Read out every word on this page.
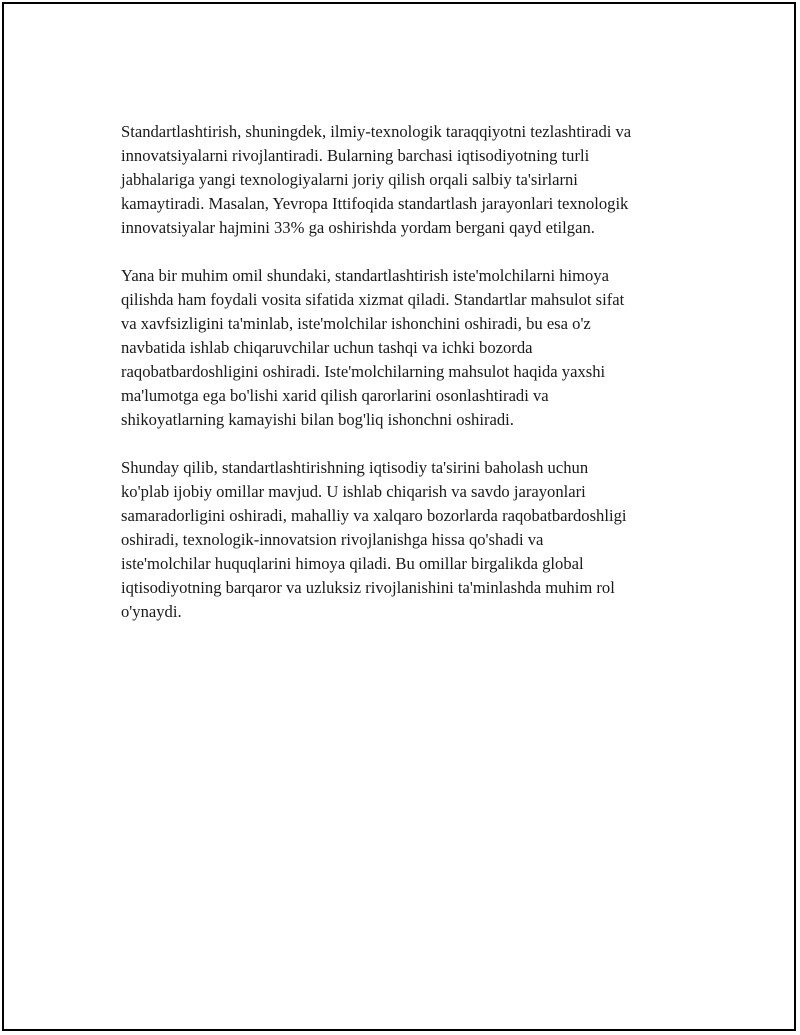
Standartlashtirish, shuningdek, ilmiy-texnologik taraqqiyotni tezlashtiradi va
innovatsiyalarni rivojlantiradi. Bularning barchasi iqtisodiyotning turli
jabhalariga yangi texnologiyalarni joriy qilish orqali salbiy ta'sirlarni
kamaytiradi. Masalan, Yevropa Ittifoqida standartlash jarayonlari texnologik
innovatsiyalar hajmini 33% ga oshirishda yordam bergani qayd etilgan.

Yana bir muhim omil shundaki, standartlashtirish iste'molchilarni himoya
qilishda ham foydali vosita sifatida xizmat qiladi. Standartlar mahsulot sifat
va xavfsizligini ta'minlab, iste'molchilar ishonchini oshiradi, bu esa o'z
navbatida ishlab chiqaruvchilar uchun tashqi va ichki bozorda
raqobatbardoshligini oshiradi. Iste'molchilarning mahsulot haqida yaxshi
ma'lumotga ega bo'lishi xarid qilish qarorlarini osonlashtiradi va
shikoyatlarning kamayishi bilan bog'liq ishonchni oshiradi.

Shunday qilib, standartlashtirishning iqtisodiy ta'sirini baholash uchun
ko'plab ijobiy omillar mavjud. U ishlab chiqarish va savdo jarayonlari
samaradorligini oshiradi, mahalliy va xalqaro bozorlarda raqobatbardoshligi
oshiradi, texnologik-innovatsion rivojlanishga hissa qo'shadi va
iste'molchilar huquqlarini himoya qiladi. Bu omillar birgalikda global
iqtisodiyotning barqaror va uzluksiz rivojlanishini ta'minlashda muhim rol
o'ynaydi.
